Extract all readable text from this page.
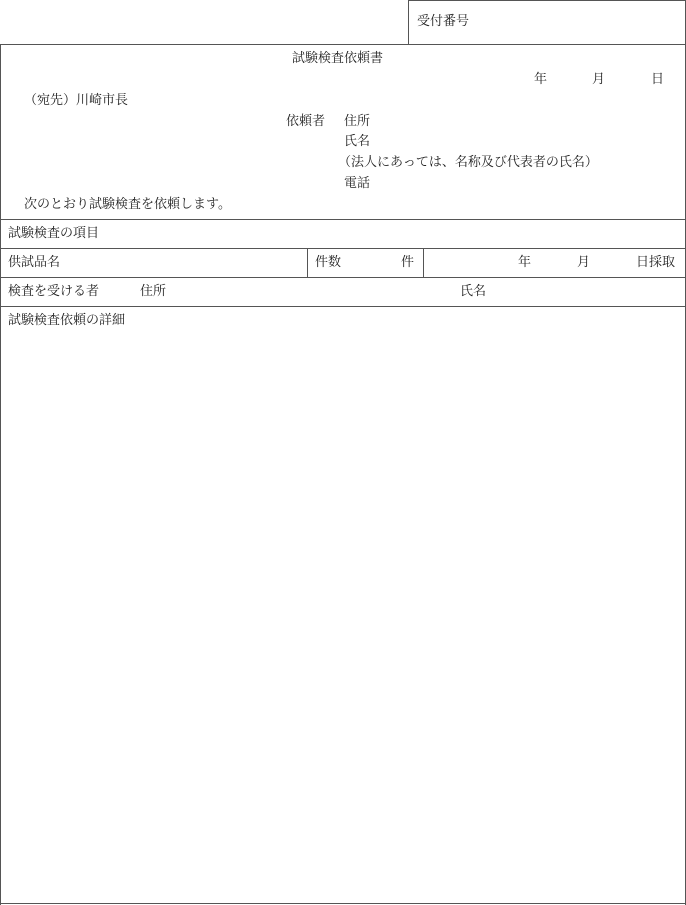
受付番号
試験検査依頼書
年	月	日
（宛先）川崎市長
依頼者 住所
氏名
（法人にあっては、名称及び代表者の氏名）
電話
次のとおり試験検査を依頼します。
試験検査の項目
供試品名	件数	件	年	月	日採取
検査を受ける者	住所	氏名
試験検査依頼の詳細
